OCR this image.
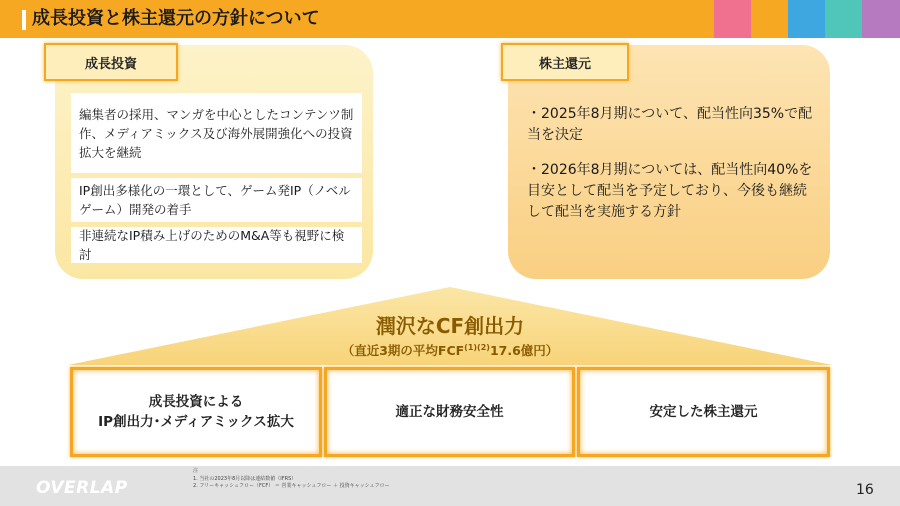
成長投資と株主還元の方針について
成長投資
編集者の採用、マンガを中心としたコンテンツ制作、メディアミックス及び海外展開強化への投資拡大を継続
IP創出多様化の一環として、ゲーム発IP（ノベルゲーム）開発の着手
非連続なIP積み上げのためのM&A等も視野に検討
株主還元
・2025年8月期について、配当性向35%で配当を決定
・2026年8月期については、配当性向40%を目安として配当を予定しており、今後も継続して配当を実施する方針
潤沢なCF創出力
（直近3期の平均$FCF^{(1)(2)}17.6$億円）
成長投資による
IP創出力･メディアミックス拡大
適正な財務安全性	安定した株主還元
OVERLAP
注
1. 当社の2023年8月以降は連結数値（IFRS）
2. フリーキャッシュフロー（FCF） ＝ 営業キャッシュフロー ＋ 投資キャッシュフロー	16
